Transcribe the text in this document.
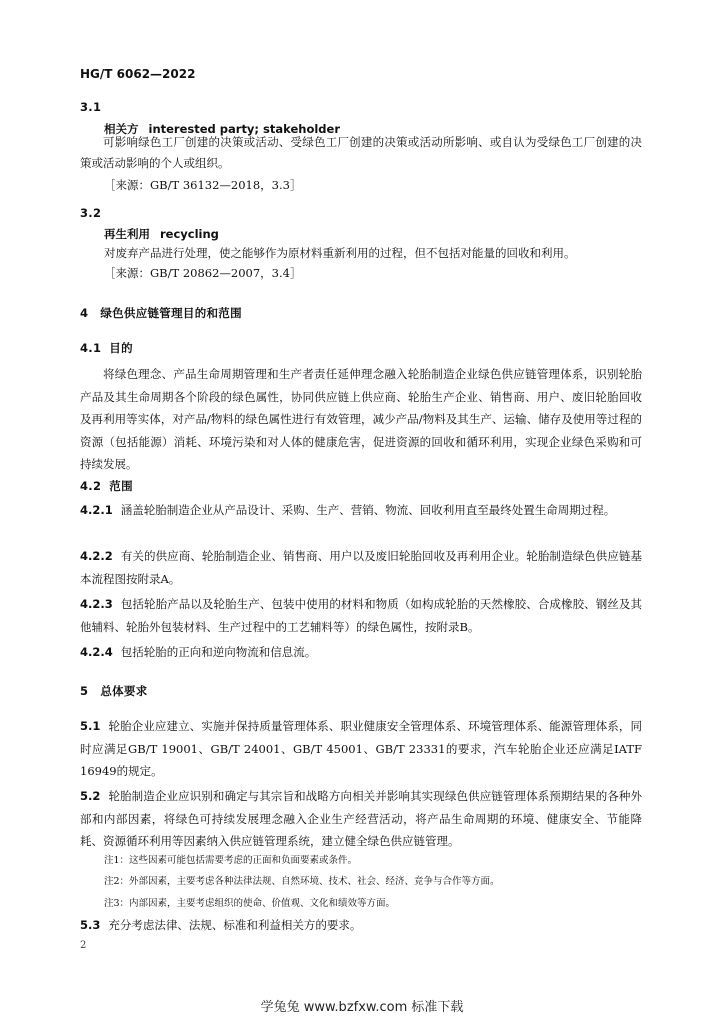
HG/T 6062—2022
3.1
相关方 interested party; stakeholder
可影响绿色工厂创建的决策或活动、受绿色工厂创建的决策或活动所影响、或自认为受绿色工厂创建的决策或活动影响的个人或组织。
［来源：GB/T 36132—2018，3.3］
3.2
再生利用 recycling
对废弃产品进行处理，使之能够作为原材料重新利用的过程，但不包括对能量的回收和利用。
［来源：GB/T 20862—2007，3.4］
4 绿色供应链管理目的和范围
4.1 目的
将绿色理念、产品生命周期管理和生产者责任延伸理念融入轮胎制造企业绿色供应链管理体系，识别轮胎产品及其生命周期各个阶段的绿色属性，协同供应链上供应商、轮胎生产企业、销售商、用户、废旧轮胎回收及再利用等实体，对产品/物料的绿色属性进行有效管理，减少产品/物料及其生产、运输、储存及使用等过程的资源（包括能源）消耗、环境污染和对人体的健康危害，促进资源的回收和循环利用，实现企业绿色采购和可持续发展。
4.2 范围
4.2.1 涵盖轮胎制造企业从产品设计、采购、生产、营销、物流、回收利用直至最终处置生命周期过程。
4.2.2 有关的供应商、轮胎制造企业、销售商、用户以及废旧轮胎回收及再利用企业。轮胎制造绿色供应链基本流程图按附录A。
4.2.3 包括轮胎产品以及轮胎生产、包装中使用的材料和物质（如构成轮胎的天然橡胶、合成橡胶、钢丝及其他辅料、轮胎外包装材料、生产过程中的工艺辅料等）的绿色属性，按附录B。
4.2.4 包括轮胎的正向和逆向物流和信息流。
5 总体要求
5.1 轮胎企业应建立、实施并保持质量管理体系、职业健康安全管理体系、环境管理体系、能源管理体系，同时应满足GB/T 19001、GB/T 24001、GB/T 45001、GB/T 23331的要求，汽车轮胎企业还应满足IATF 16949的规定。
5.2 轮胎制造企业应识别和确定与其宗旨和战略方向相关并影响其实现绿色供应链管理体系预期结果的各种外部和内部因素，将绿色可持续发展理念融入企业生产经营活动，将产品生命周期的环境、健康安全、节能降耗、资源循环利用等因素纳入供应链管理系统，建立健全绿色供应链管理。
注1：这些因素可能包括需要考虑的正面和负面要素或条件。
注2：外部因素，主要考虑各种法律法规、自然环境、技术、社会、经济、竞争与合作等方面。
注3：内部因素，主要考虑组织的使命、价值观、文化和绩效等方面。
5.3 充分考虑法律、法规、标准和利益相关方的要求。
2
学兔兔 www.bzfxw.com 标准下载
